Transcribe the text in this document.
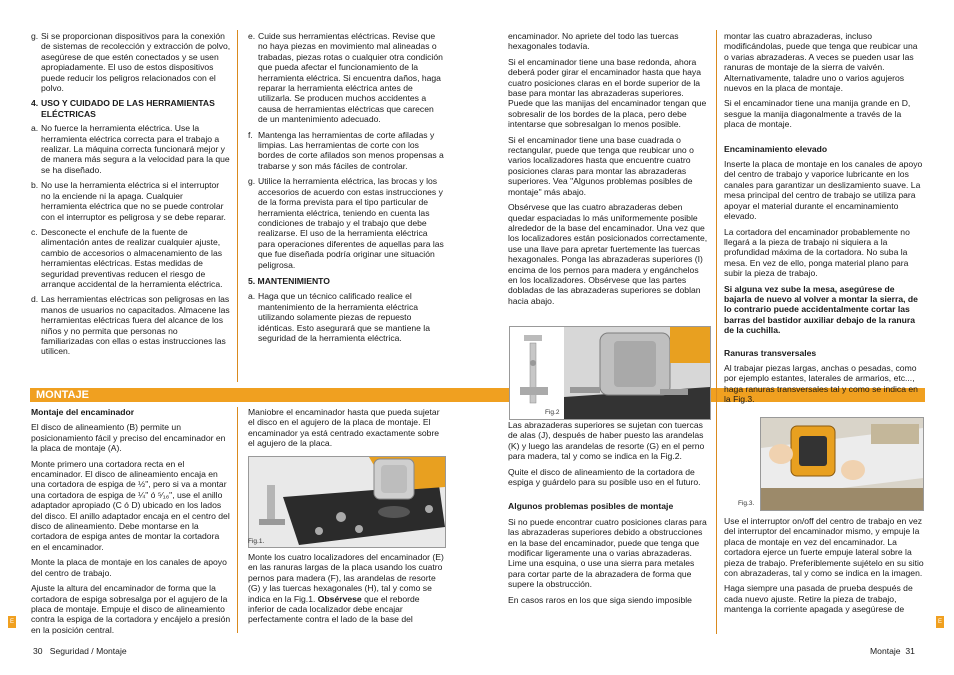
g. Si se proporcionan dispositivos para la conexión de sistemas de recolección y extracción de polvo, asegúrese de que estén conectados y se usen apropiadamente. El uso de estos dispositivos puede reducir los peligros relacionados con el polvo.
4. USO Y CUIDADO DE LAS HERRAMIENTAS ELÉCTRICAS
a. No fuerce la herramienta eléctrica. Use la herramienta eléctrica correcta para el trabajo a realizar. La máquina correcta funcionará mejor y de manera más segura a la velocidad para la que se ha diseñado.
b. No use la herramienta eléctrica si el interruptor no la enciende ni la apaga. Cualquier herramienta eléctrica que no se puede controlar con el interruptor es peligrosa y se debe reparar.
c. Desconecte el enchufe de la fuente de alimentación antes de realizar cualquier ajuste, cambio de accesorios o almacenamiento de las herramientas eléctricas. Estas medidas de seguridad preventivas reducen el riesgo de arranque accidental de la herramienta eléctrica.
d. Las herramientas eléctricas son peligrosas en las manos de usuarios no capacitados. Almacene las herramientas eléctricas fuera del alcance de los niños y no permita que personas no familiarizadas con ellas o estas instrucciones las utilicen.
e. Cuide sus herramientas eléctricas. Revise que no haya piezas en movimiento mal alineadas o trabadas, piezas rotas o cualquier otra condición que pueda afectar el funcionamiento de la herramienta eléctrica. Si encuentra daños, haga reparar la herramienta eléctrica antes de utilizarla. Se producen muchos accidentes a causa de herramientas eléctricas que carecen de un mantenimiento adecuado.
f. Mantenga las herramientas de corte afiladas y limpias. Las herramientas de corte con los bordes de corte afilados son menos propensas a trabarse y son más fáciles de controlar.
g. Utilice la herramienta eléctrica, las brocas y los accesorios de acuerdo con estas instrucciones y de la forma prevista para el tipo particular de herramienta eléctrica, teniendo en cuenta las condiciones de trabajo y el trabajo que debe realizarse. El uso de la herramienta eléctrica para operaciones diferentes de aquellas para las que fue diseñada podría originar une situación peligrosa.

5. MANTENIMIENTO

a. Haga que un técnico calificado realice el mantenimiento de la herramienta eléctrica utilizando solamente piezas de repuesto idénticas. Esto asegurará que se mantiene la seguridad de la herramienta eléctrica.
MONTAJE

Montaje del encaminador

El disco de alineamiento (B) permite un posicionamiento fácil y preciso del encaminador en la placa de montaje (A).

Monte primero una cortadora recta en el encaminador. El disco de alineamiento encaja en una cortadora de espiga de ½", pero si va a montar una cortadora de espiga de ¼" ó ⁵⁄₁₆", use el anillo adaptador apropiado (C ó D) ubicado en los lados del disco. El anillo adaptador encaja en el centro del disco de alineamiento. Debe montarse en la cortadora de espiga antes de montar la cortadora en el encaminador.

Monte la placa de montaje en los canales de apoyo del centro de trabajo.

Ajuste la altura del encaminador de forma que la cortadora de espiga sobresalga por el agujero de la placa de montaje. Empuje el disco de alineamiento contra la espiga de la cortadora y encájelo a presión en la posición central.

Maniobre el encaminador hasta que pueda sujetar el disco en el agujero de la placa de montaje. El encaminador ya está centrado exactamente sobre el agujero de la placa.

Fig.1.

Monte los cuatro localizadores del encaminador (E) en las ranuras largas de la placa usando los cuatro pernos para madera (F), las arandelas de resorte (G) y las tuercas hexagonales (H), tal y como se indica en la Fig.1. Obsérvese que el reborde inferior de cada localizador debe encajar perfectamente contra el lado de la base del

E
30 Seguridad / Montaje

encaminador. No apriete del todo las tuercas hexagonales todavía.

Si el encaminador tiene una base redonda, ahora deberá poder girar el encaminador hasta que haya cuatro posiciones claras en el borde superior de la base para montar las abrazaderas superiores. Puede que las manijas del encaminador tengan que sobresalir de los bordes de la placa, pero debe intentarse que sobresalgan lo menos posible.

Si el encaminador tiene una base cuadrada o rectangular, puede que tenga que reubicar uno o varios localizadores hasta que encuentre cuatro posiciones claras para montar las abrazaderas superiores. Vea "Algunos problemas posibles de montaje" más abajo.

Obsérvese que las cuatro abrazaderas deben quedar espaciadas lo más uniformemente posible alrededor de la base del encaminador. Una vez que los localizadores están posicionados correctamente, use una llave para apretar fuertemente las tuercas hexagonales. Ponga las abrazaderas superiores (I) encima de los pernos para madera y engánchelos en los localizadores. Obsérvese que las partes dobladas de las abrazaderas superiores se doblan hacia abajo.

Fig.2

Las abrazaderas superiores se sujetan con tuercas de alas (J), después de haber puesto las arandelas (K) y luego las arandelas de resorte (G) en el perno para madera, tal y como se indica en la Fig.2.

Quite el disco de alineamiento de la cortadora de espiga y guárdelo para su posible uso en el futuro.

Algunos problemas posibles de montaje

Si no puede encontrar cuatro posiciones claras para las abrazaderas superiores debido a obstrucciones en la base del encaminador, puede que tenga que modificar ligeramente una o varias abrazaderas. Lime una esquina, o use una sierra para metales para cortar parte de la abrazadera de forma que supere la obstrucción.

En casos raros en los que siga siendo imposible

montar las cuatro abrazaderas, incluso modificándolas, puede que tenga que reubicar una o varias abrazaderas. A veces se pueden usar las ranuras de montaje de la sierra de vaivén. Alternativamente, taladre uno o varios agujeros nuevos en la placa de montaje.

Si el encaminador tiene una manija grande en D, sesgue la manija diagonalmente a través de la placa de montaje.

Encaminamiento elevado

Inserte la placa de montaje en los canales de apoyo del centro de trabajo y vaporice lubricante en los canales para garantizar un deslizamiento suave. La mesa principal del centro de trabajo se utiliza para apoyar el material durante el encaminamiento elevado.

La cortadora del encaminador probablemente no llegará a la pieza de trabajo ni siquiera a la profundidad máxima de la cortadora. No suba la mesa. En vez de ello, ponga material plano para subir la pieza de trabajo.

Si alguna vez sube la mesa, asegúrese de bajarla de nuevo al volver a montar la sierra, de lo contrario puede accidentalmente cortar las barras del bastidor auxiliar debajo de la ranura de la cuchilla.

Ranuras transversales

Al trabajar piezas largas, anchas o pesadas, como por ejemplo estantes, laterales de armarios, etc..., haga ranuras transversales tal y como se indica en la Fig.3.

Fig.3.

Use el interruptor on/off del centro de trabajo en vez del interruptor del encaminador mismo, y empuje la placa de montaje en vez del encaminador. La cortadora ejerce un fuerte empuje lateral sobre la pieza de trabajo. Preferiblemente sujételo en su sitio con abrazaderas, tal y como se indica en la imagen.

Haga siempre una pasada de prueba después de cada nuevo ajuste. Retire la pieza de trabajo, mantenga la corriente apagada y asegúrese de

E
Montaje 31
